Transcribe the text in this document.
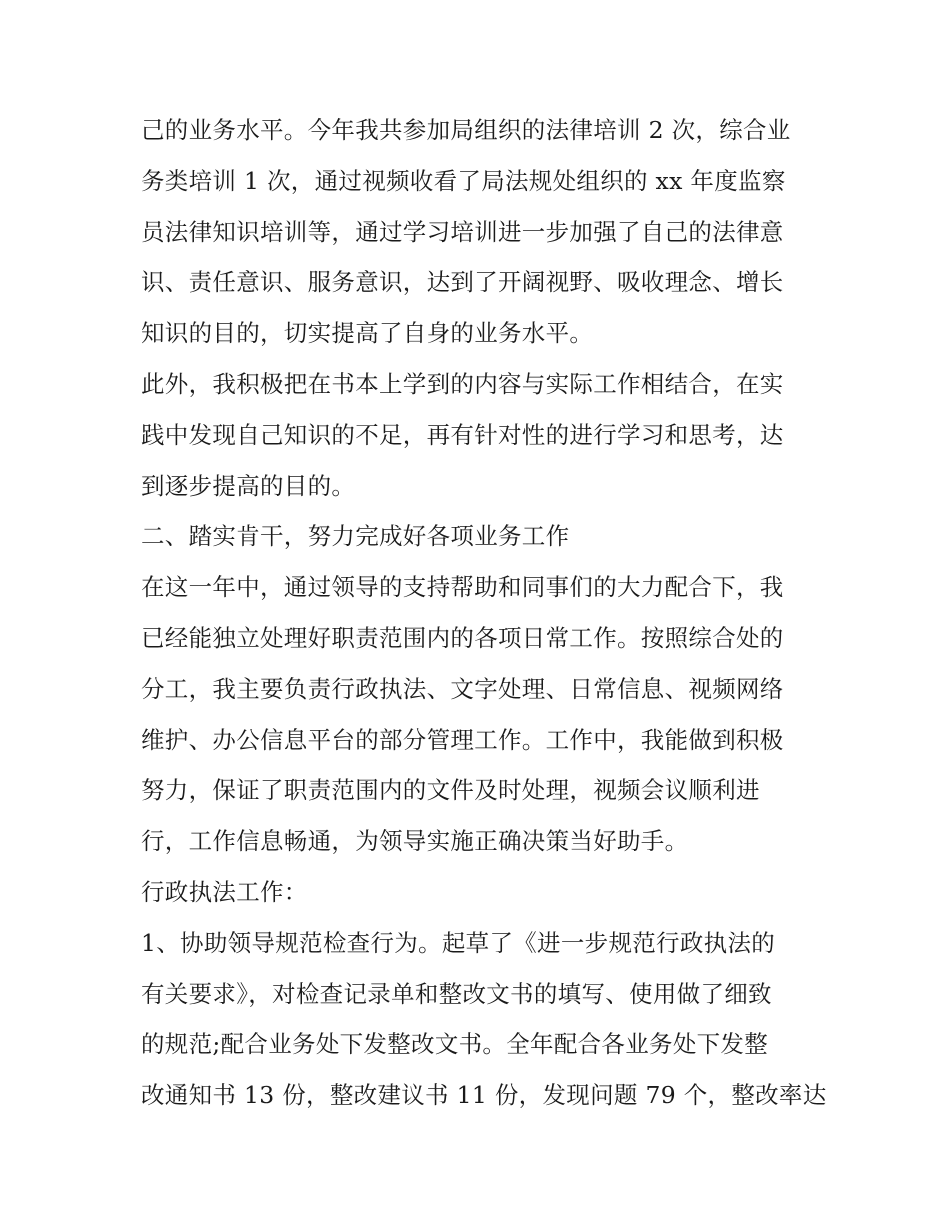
己的业务水平。今年我共参加局组织的法律培训 2 次，综合业
务类培训 1 次，通过视频收看了局法规处组织的 xx 年度监察
员法律知识培训等，通过学习培训进一步加强了自己的法律意
识、责任意识、服务意识，达到了开阔视野、吸收理念、增长
知识的目的，切实提高了自身的业务水平。
此外，我积极把在书本上学到的内容与实际工作相结合，在实
践中发现自己知识的不足，再有针对性的进行学习和思考，达
到逐步提高的目的。
二、踏实肯干，努力完成好各项业务工作
在这一年中，通过领导的支持帮助和同事们的大力配合下，我
已经能独立处理好职责范围内的各项日常工作。按照综合处的
分工，我主要负责行政执法、文字处理、日常信息、视频网络
维护、办公信息平台的部分管理工作。工作中，我能做到积极
努力，保证了职责范围内的文件及时处理，视频会议顺利进
行，工作信息畅通，为领导实施正确决策当好助手。
行政执法工作：
1、协助领导规范检查行为。起草了《进一步规范行政执法的
有关要求》，对检查记录单和整改文书的填写、使用做了细致
的规范;配合业务处下发整改文书。全年配合各业务处下发整
改通知书 13 份，整改建议书 11 份，发现问题 79 个，整改率达
